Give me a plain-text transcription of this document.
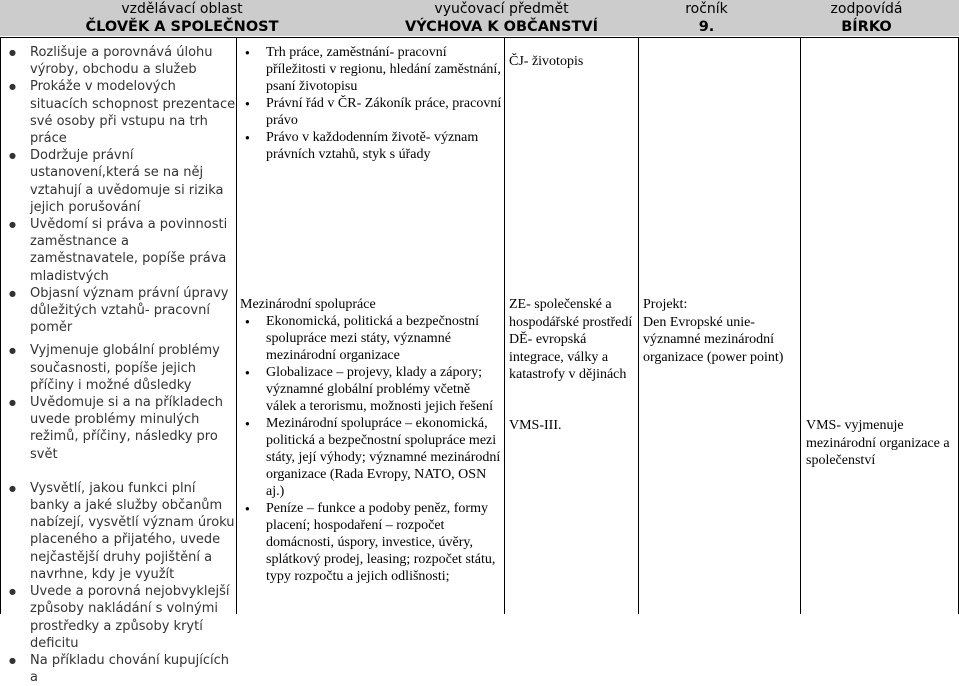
vzdělávací oblast
ČLOVĚK A SPOLEČNOST
vyučovací předmět
VÝCHOVA K OBČANSTVÍ
ročník
9.
zodpovídá
BÍRKO
● Rozlišuje a porovnává úlohu výroby, obchodu a služeb
● Prokáže v modelových situacích schopnost prezentace své osoby při vstupu na trh práce
● Dodržuje právní ustanovení,která se na něj vztahují a uvědomuje si rizika jejich porušování
● Uvědomí si práva a povinnosti zaměstnance a zaměstnavatele, popíše práva mladistvých
● Objasní význam právní úpravy důležitých vztahů- pracovní poměr
● Vyjmenuje globální problémy současnosti, popíše jejich příčiny i možné důsledky
● Uvědomuje si a na příkladech uvede problémy minulých režimů, příčiny, následky pro svět
● Vysvětlí, jakou funkci plní banky a jaké služby občanům nabízejí, vysvětlí význam úroku placeného a přijatého, uvede nejčastější druhy pojištění a navrhne, kdy je využít
● Uvede a porovná nejobvyklejší způsoby nakládání s volnými prostředky a způsoby krytí deficitu
● Na příkladu chování kupujících a
● Trh práce, zaměstnání- pracovní příležitosti v regionu, hledání zaměstnání, psaní životopisu
● Právní řád v ČR- Zákoník práce, pracovní právo
● Právo v každodenním životě- význam právních vztahů, styk s úřady
Mezinárodní spolupráce
● Ekonomická, politická a bezpečnostní spolupráce mezi státy, významné mezinárodní organizace
● Globalizace – projevy, klady a zápory; významné globální problémy včetně válek a terorismu, možnosti jejich řešení
● Mezinárodní spolupráce – ekonomická, politická a bezpečnostní spolupráce mezi státy, její výhody; významné mezinárodní organizace (Rada Evropy, NATO, OSN aj.)
● Peníze – funkce a podoby peněz, formy placení; hospodaření – rozpočet domácnosti, úspory, investice, úvěry, splátkový prodej, leasing; rozpočet státu, typy rozpočtu a jejich odlišnosti;
ČJ- životopis
ZE- společenské a hospodářské prostředí
DĚ- evropská integrace, války a katastrofy v dějinách
VMS-III.
Projekt:
Den Evropské unie- významné mezinárodní organizace (power point)
VMS- vyjmenuje mezinárodní organizace a společenství
